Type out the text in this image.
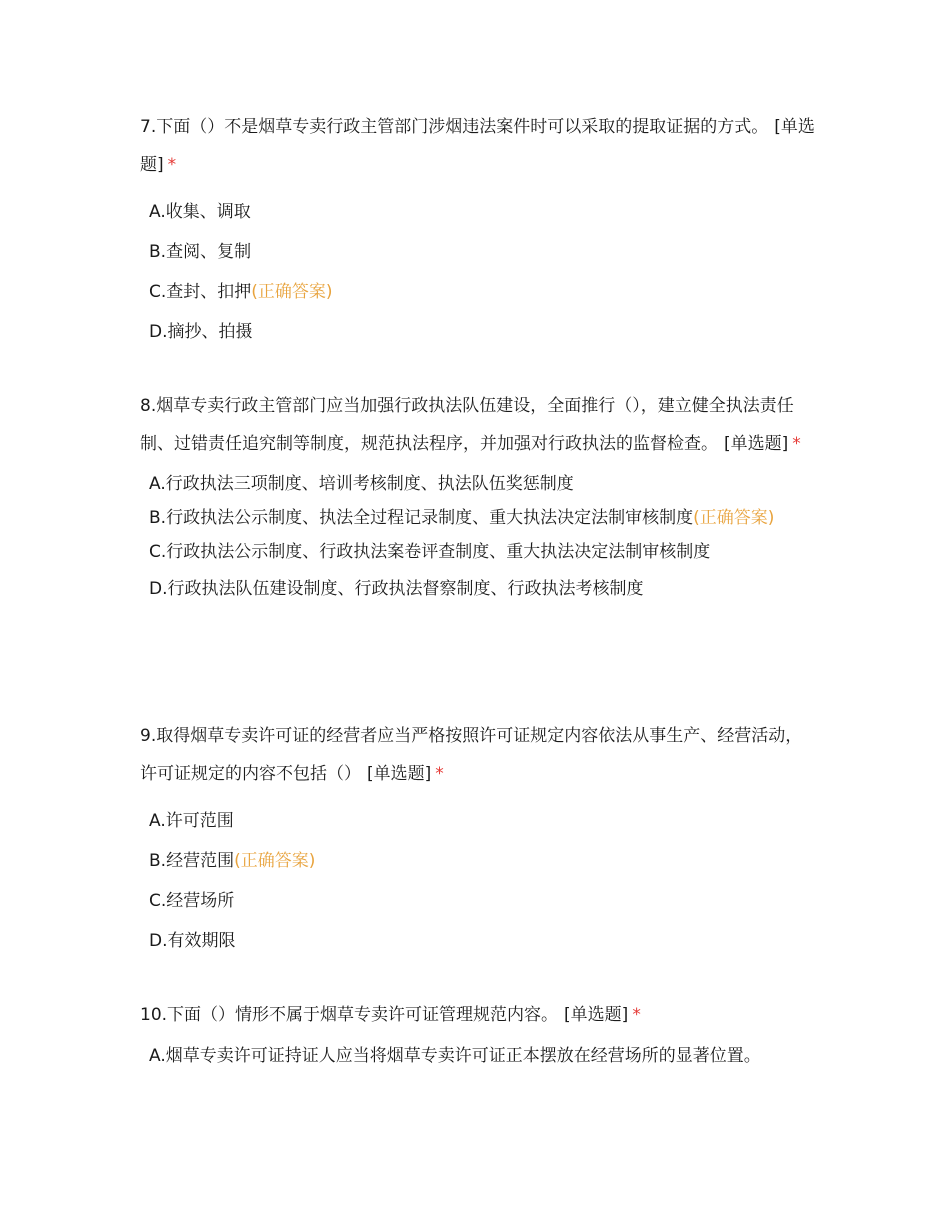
7.下面（）不是烟草专卖行政主管部门涉烟违法案件时可以采取的提取证据的方式。 [单选题] *
A.收集、调取
B.查阅、复制
C.查封、扣押(正确答案)
D.摘抄、拍摄
8.烟草专卖行政主管部门应当加强行政执法队伍建设，全面推行（），建立健全执法责任制、过错责任追究制等制度，规范执法程序，并加强对行政执法的监督检查。 [单选题] *
A.行政执法三项制度、培训考核制度、执法队伍奖惩制度
B.行政执法公示制度、执法全过程记录制度、重大执法决定法制审核制度(正确答案)
C.行政执法公示制度、行政执法案卷评查制度、重大执法决定法制审核制度
D.行政执法队伍建设制度、行政执法督察制度、行政执法考核制度
9.取得烟草专卖许可证的经营者应当严格按照许可证规定内容依法从事生产、经营活动，许可证规定的内容不包括（） [单选题] *
A.许可范围
B.经营范围(正确答案)
C.经营场所
D.有效期限
10.下面（）情形不属于烟草专卖许可证管理规范内容。 [单选题] *
A.烟草专卖许可证持证人应当将烟草专卖许可证正本摆放在经营场所的显著位置。
